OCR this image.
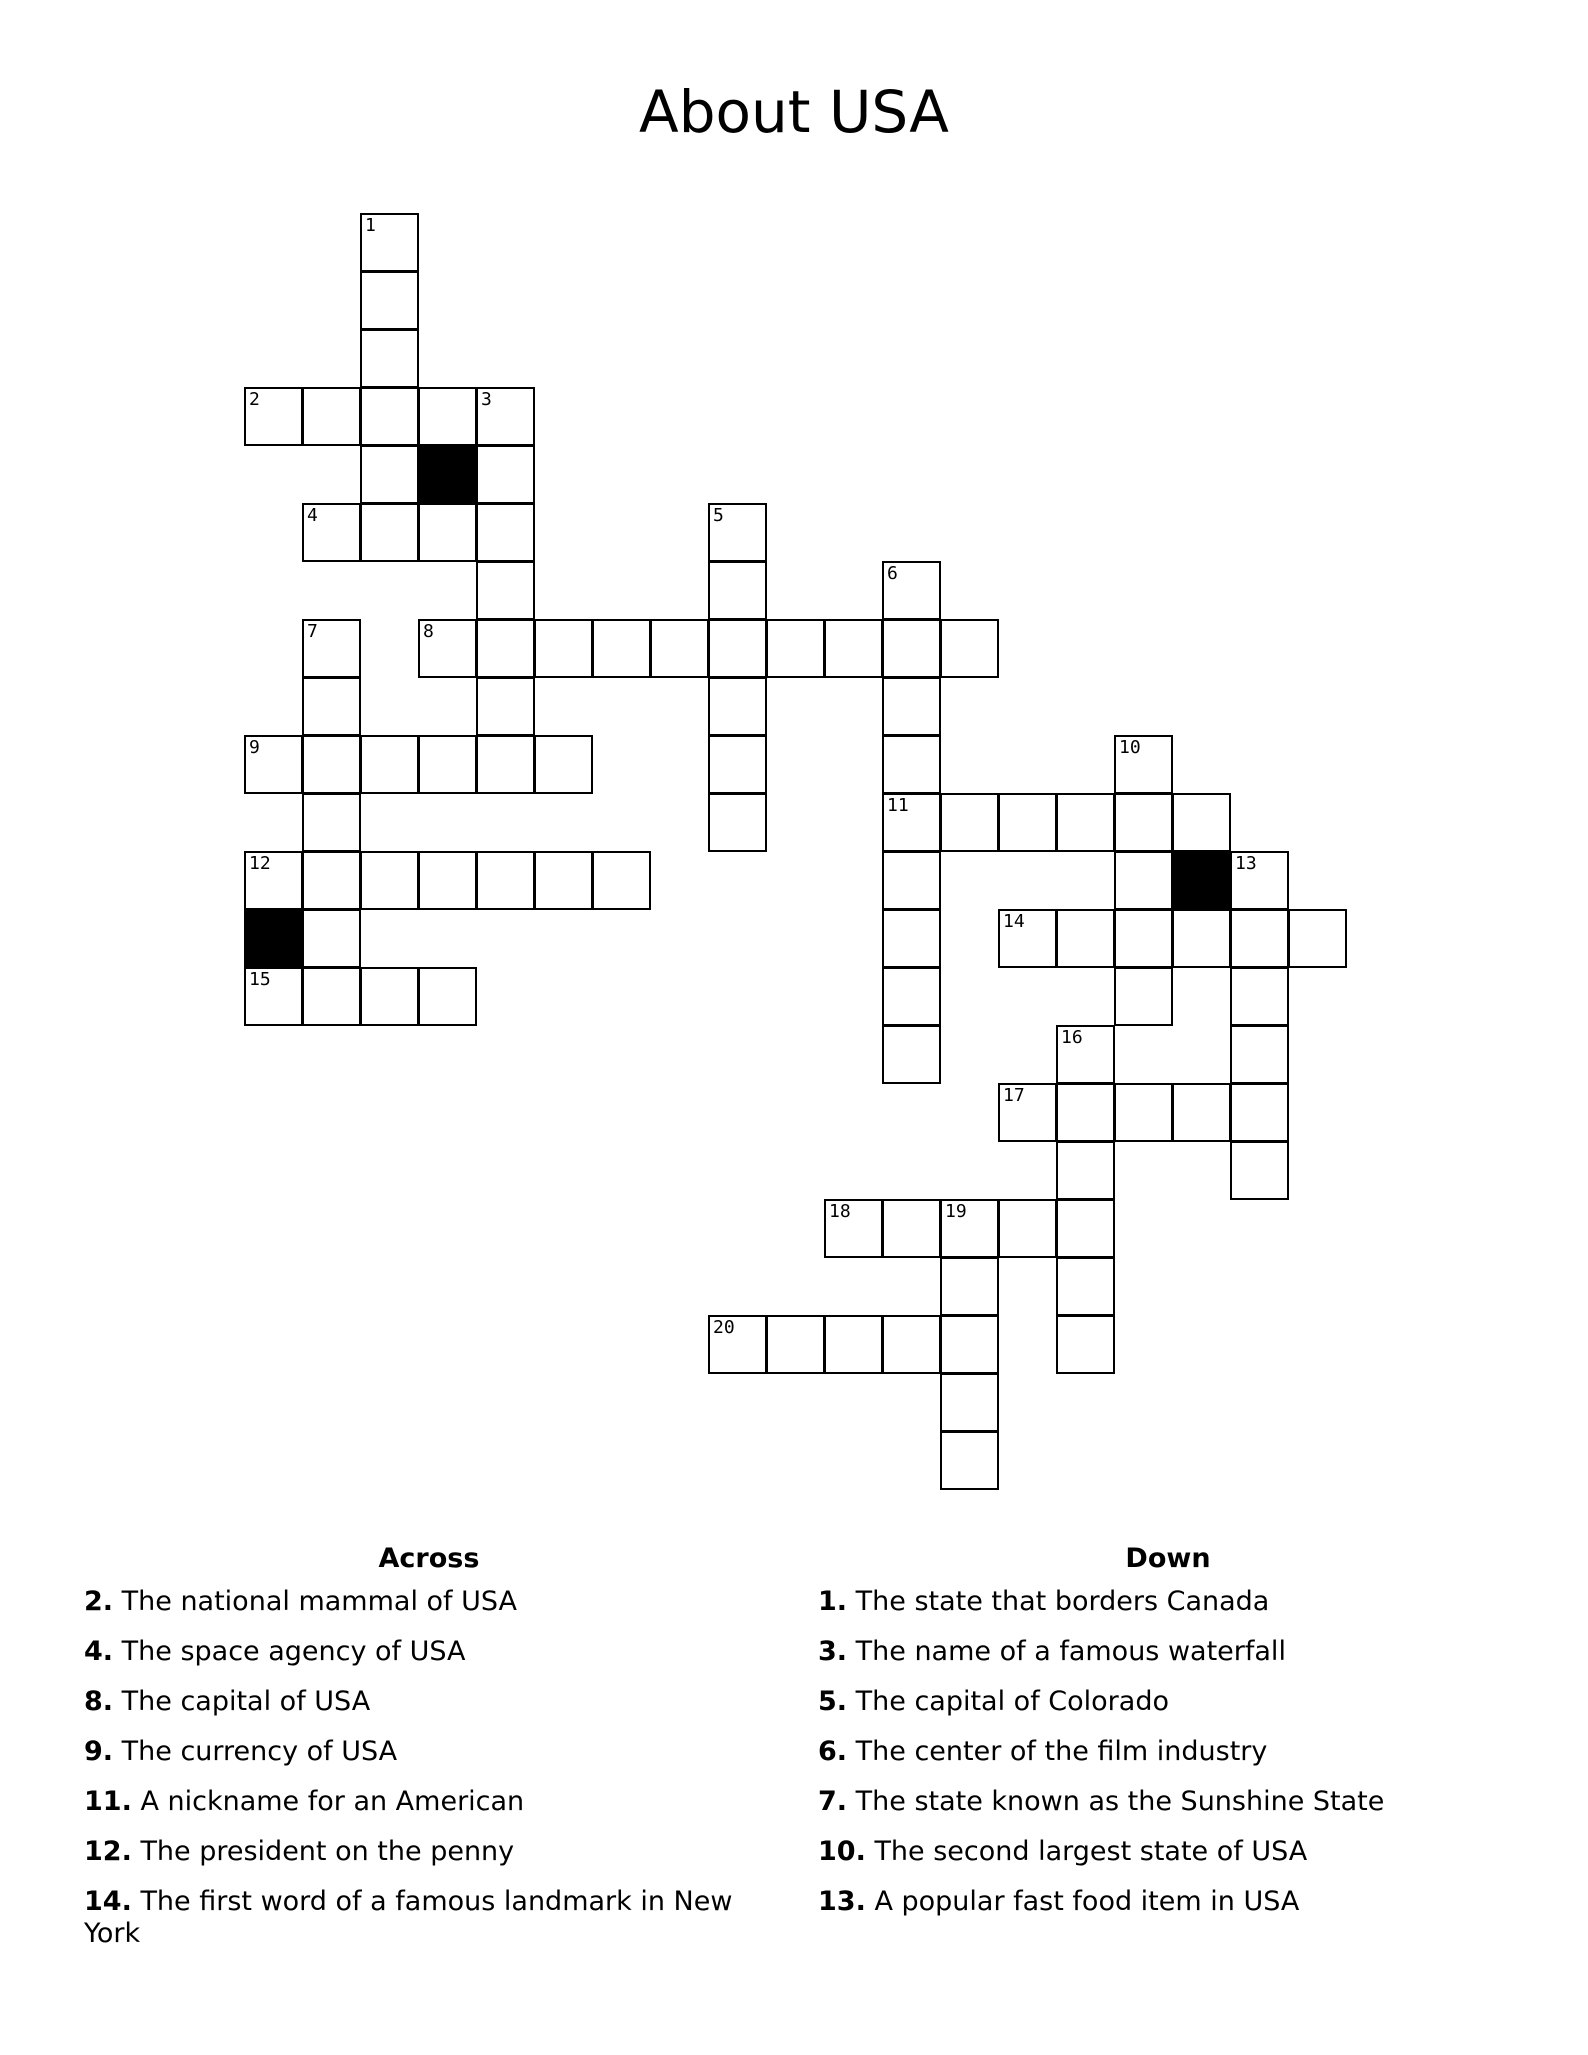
About USA
1
2	3
4	5
6
7	8
9	10
11
12	13
14
15
16
17
18	19
20
Across
2. The national mammal of USA
4. The space agency of USA
8. The capital of USA
9. The currency of USA
11. A nickname for an American
12. The president on the penny
14. The first word of a famous landmark in New York
Down
1. The state that borders Canada
3. The name of a famous waterfall
5. The capital of Colorado
6. The center of the film industry
7. The state known as the Sunshine State
10. The second largest state of USA
13. A popular fast food item in USA
